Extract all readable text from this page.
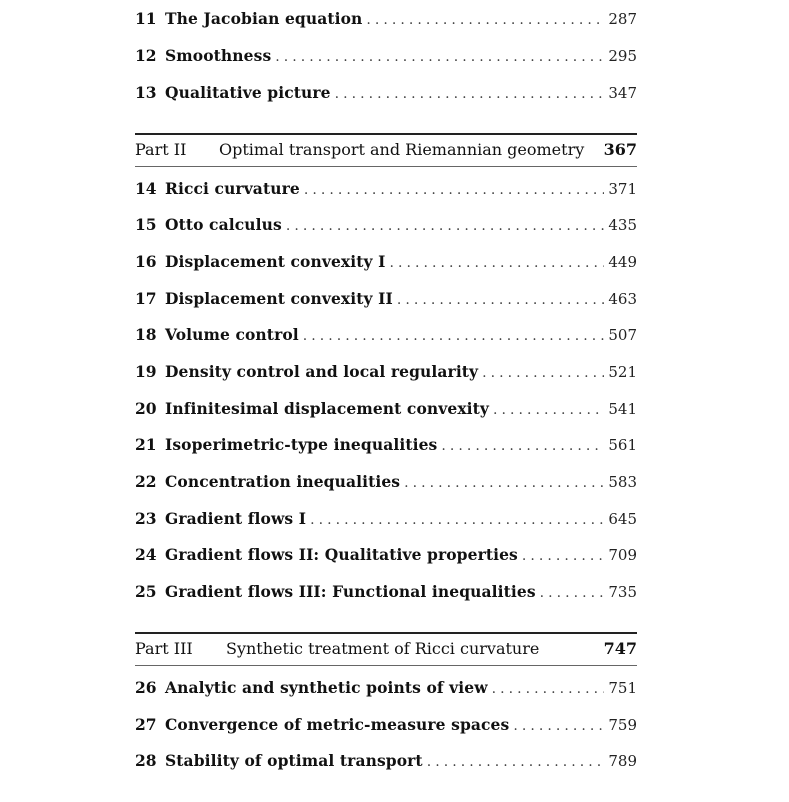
11 The Jacobian equation . . .	287
12 Smoothness . . .	295
13 Qualitative picture . . .	347
Part II	Optimal transport and Riemannian geometry	367
14 Ricci curvature . . .	371
15 Otto calculus . . .	435
16 Displacement convexity I . . .	449
17 Displacement convexity II . . .	463
18 Volume control . . .	507
19 Density control and local regularity . . .	521
20 Infinitesimal displacement convexity . . .	541
21 Isoperimetric-type inequalities . . .	561
22 Concentration inequalities . . .	583
23 Gradient flows I . . .	645
24 Gradient flows II: Qualitative properties . . .	709
25 Gradient flows III: Functional inequalities . . .	735
Part III	Synthetic treatment of Ricci curvature	747
26 Analytic and synthetic points of view . . .	751
27 Convergence of metric-measure spaces . . .	759
28 Stability of optimal transport . . .	789
